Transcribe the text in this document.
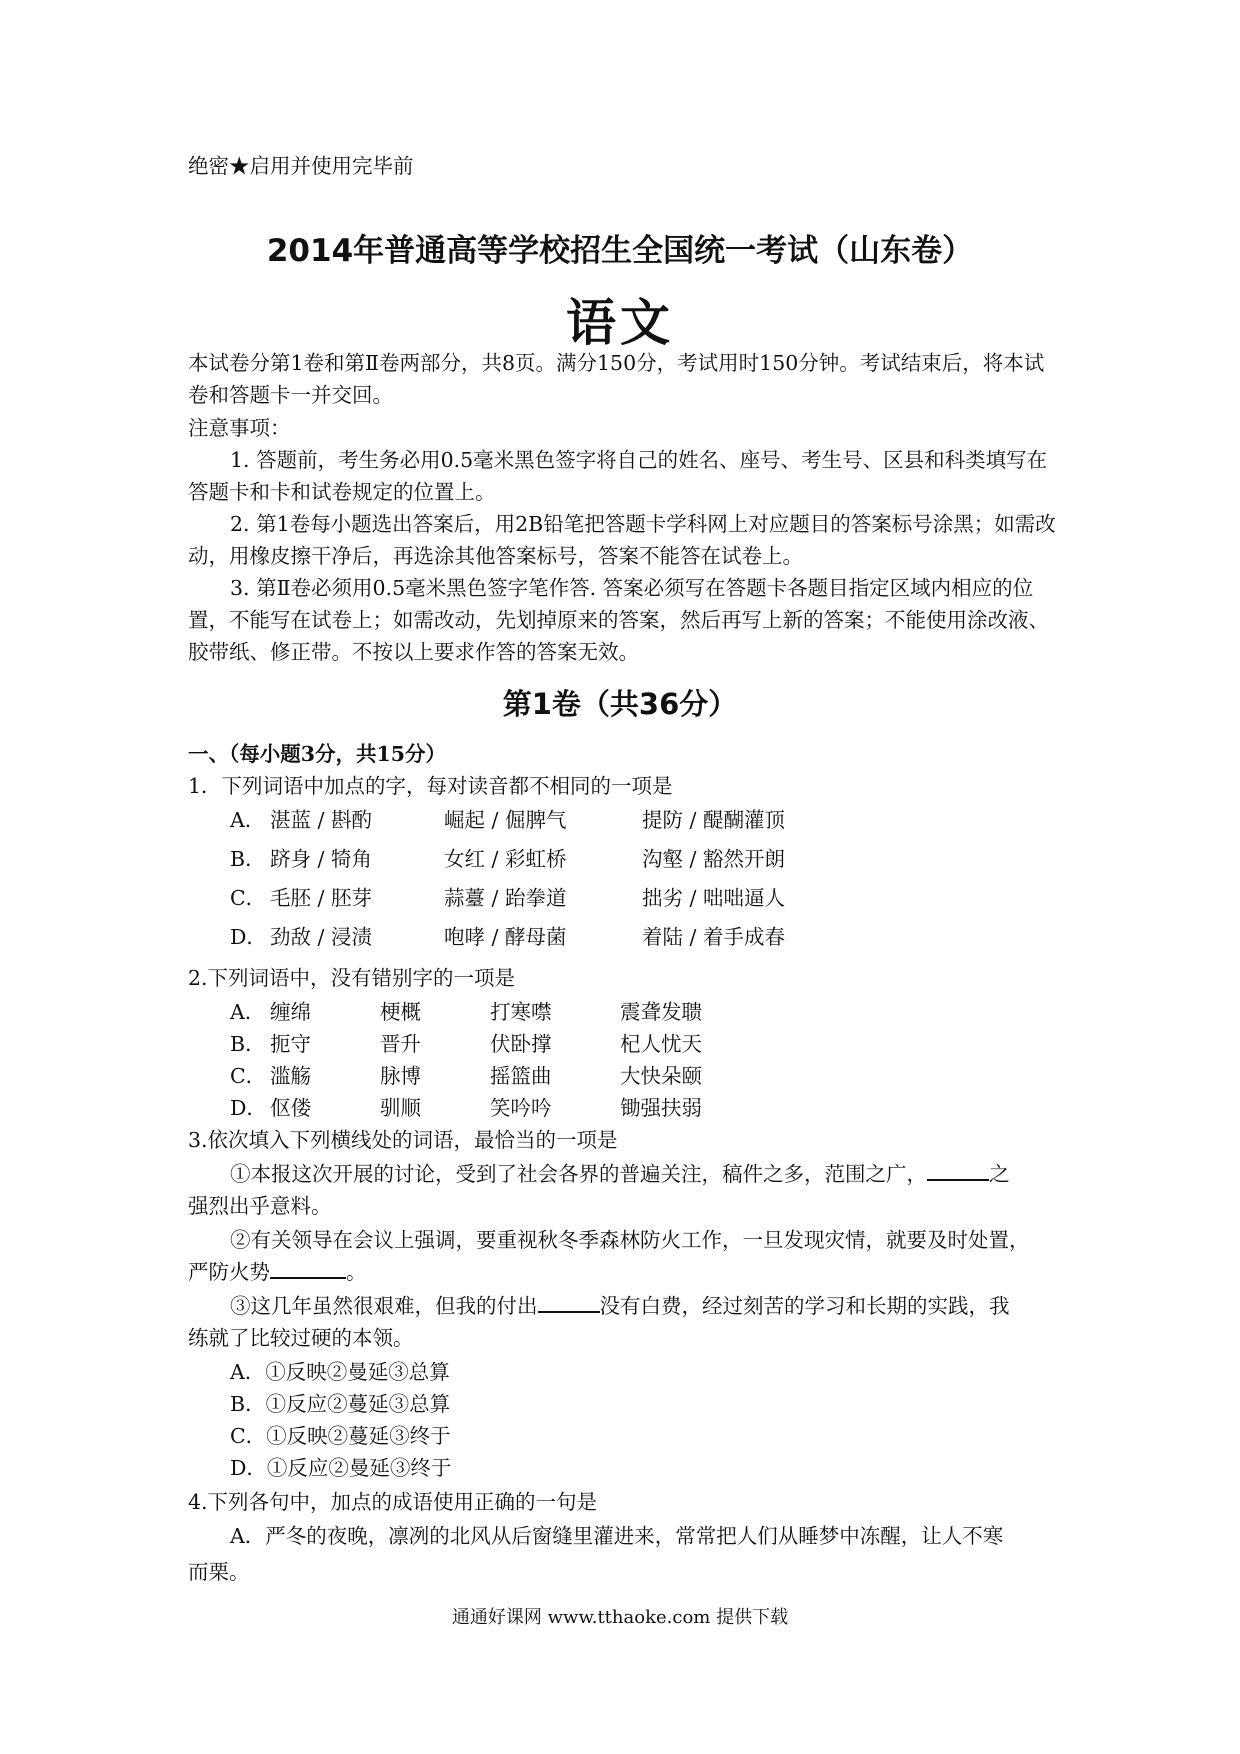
绝密★启用并使用完毕前
2014年普通高等学校招生全国统一考试（山东卷）
语文
本试卷分第1卷和第Ⅱ卷两部分，共8页。满分150分，考试用时150分钟。考试结束后，将本试卷和答题卡一并交回。
注意事项：
1. 答题前，考生务必用0.5毫米黑色签字将自己的姓名、座号、考生号、区县和科类填写在答题卡和卡和试卷规定的位置上。
2. 第1卷每小题选出答案后，用2B铅笔把答题卡学科网上对应题目的答案标号涂黑；如需改动，用橡皮擦干净后，再选涂其他答案标号，答案不能答在试卷上。
3. 第Ⅱ卷必须用0.5毫米黑色签字笔作答. 答案必须写在答题卡各题目指定区域内相应的位置，不能写在试卷上；如需改动，先划掉原来的答案，然后再写上新的答案；不能使用涂改液、胶带纸、修正带。不按以上要求作答的答案无效。
第1卷（共36分）
一、（每小题3分，共15分）
1．下列词语中加点的字，每对读音都不相同的一项是
A． 湛蓝 / 斟酌	崛起 / 倔脾气	提防 / 醍醐灌顶
B． 跻身 / 犄角	女红 / 彩虹桥	沟壑 / 豁然开朗
C． 毛胚 / 胚芽	蒜薹 / 跆拳道	拙劣 / 咄咄逼人
D． 劲敌 / 浸渍	咆哮 / 酵母菌	着陆 / 着手成春
2.下列词语中，没有错别字的一项是
A． 缠绵	梗概	打寒噤	震聋发聩
B． 扼守	晋升	伏卧撑	杞人忧天
C． 滥觞	脉博	摇篮曲	大快朵颐
D． 伛偻	驯顺	笑吟吟	锄强扶弱
3.依次填入下列横线处的词语，最恰当的一项是
①本报这次开展的讨论，受到了社会各界的普遍关注，稿件之多，范围之广，	之
强烈出乎意料。
②有关领导在会议上强调，要重视秋冬季森林防火工作，一旦发现灾情，就要及时处置，
严防火势	。
③这几年虽然很艰难，但我的付出	没有白费，经过刻苦的学习和长期的实践，我
练就了比较过硬的本领。
A．①反映②曼延③总算
B．①反应②蔓延③总算
C．①反映②蔓延③终于
D．①反应②曼延③终于
4.下列各句中，加点的成语使用正确的一句是
A．严冬的夜晚，凛冽的北风从后窗缝里灌进来，常常把人们从睡梦中冻醒，让人不寒
而栗。
通通好课网 www.tthaoke.com 提供下载
